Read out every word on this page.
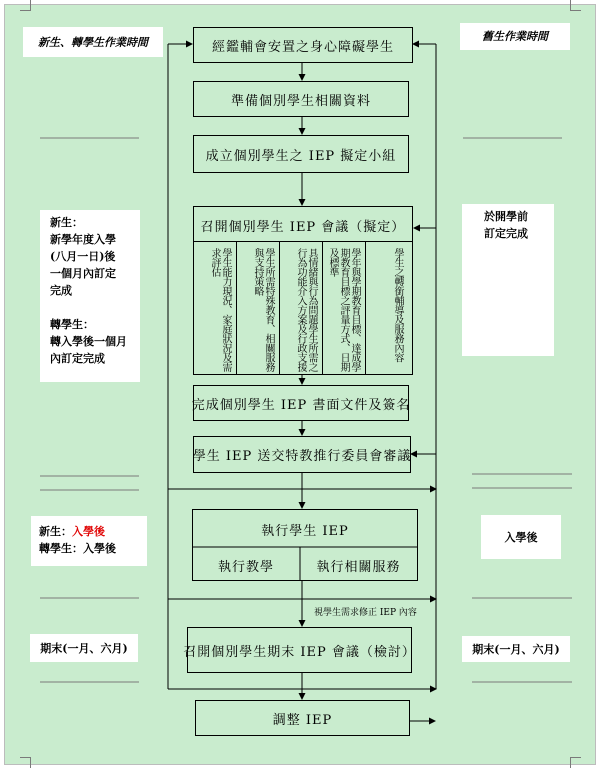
新生、轉學生作業時間
新生：
新學年度入學
(八月一日)後
一個月內訂定
完成
轉學生：
轉入學後一個月
內訂定完成
新生：入學後
轉學生：入學後
期末(一月、六月)
舊生作業時間
於開學前
訂定完成
入學後
期末(一月、六月)
經鑑輔會安置之身心障礙學生
準備個別學生相關資料
成立個別學生之 IEP 擬定小組
召開個別學生 IEP 會議（擬定）
學生能力現況、家庭狀況及需求評估	學生所需特殊教育、相關服務與支持策略	具情緒與行為問題學生所需之行為功能介入方案及行政支援	學年與學期教育目標、達成學期教育目標之評量方式、日期及標準	學生之轉銜輔導及服務內容
完成個別學生 IEP 書面文件及簽名
學生 IEP 送交特教推行委員會審議
執行學生 IEP
執行教學	執行相關服務
視學生需求修正 IEP 內容
召開個別學生期末 IEP 會議（檢討）
調整 IEP
